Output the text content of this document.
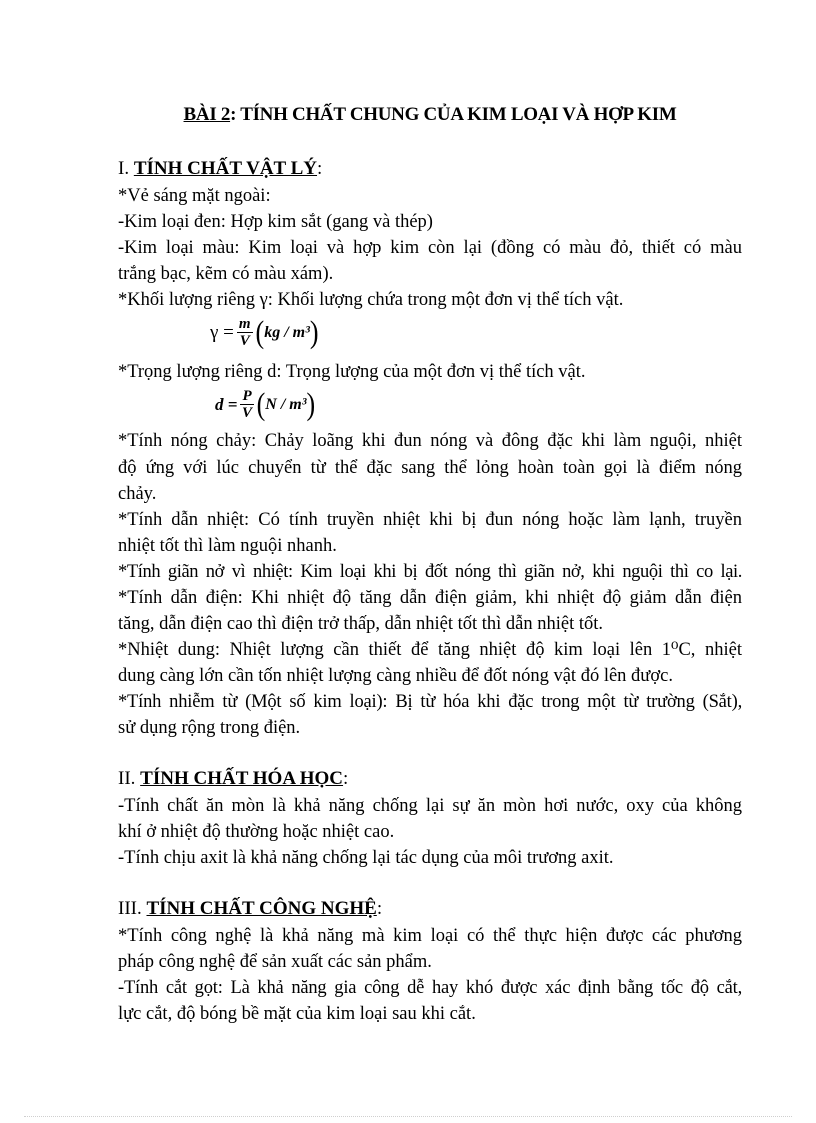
BÀI 2: TÍNH CHẤT CHUNG CỦA KIM LOẠI VÀ HỢP KIM
I. TÍNH CHẤT VẬT LÝ:
*Vẻ sáng mặt ngoài:
-Kim loại đen: Hợp kim sắt (gang và thép)
-Kim loại màu: Kim loại và hợp kim còn lại (đồng có màu đỏ, thiết có màu
trắng bạc, kẽm có màu xám).
*Khối lượng riêng γ: Khối lượng chứa trong một đơn vị thể tích vật.
$\gamma = \frac{m}{V}$ ( kg / m³ )
*Trọng lượng riêng d: Trọng lượng của một đơn vị thể tích vật.
$d = \frac{P}{V}$ ( N / m³ )
*Tính nóng chảy: Chảy loãng khi đun nóng và đông đặc khi làm nguội, nhiệt
độ ứng với lúc chuyển từ thể đặc sang thể lỏng hoàn toàn gọi là điểm nóng
chảy.
*Tính dẫn nhiệt: Có tính truyền nhiệt khi bị đun nóng hoặc làm lạnh, truyền
nhiệt tốt thì làm nguội nhanh.
*Tính giãn nở vì nhiệt: Kim loại khi bị đốt nóng thì giãn nở, khi nguội thì co lại.
*Tính dẫn điện: Khi nhiệt độ tăng dẫn điện giảm, khi nhiệt độ giảm dẫn điện
tăng, dẫn điện cao thì điện trở thấp, dẫn nhiệt tốt thì dẫn nhiệt tốt.
*Nhiệt dung: Nhiệt lượng cần thiết để tăng nhiệt độ kim loại lên 1⁰C, nhiệt
dung càng lớn cần tốn nhiệt lượng càng nhiều để đốt nóng vật đó lên được.
*Tính nhiễm từ (Một số kim loại): Bị từ hóa khi đặc trong một từ trường (Sắt),
sử dụng rộng trong điện.
II. TÍNH CHẤT HÓA HỌC:
-Tính chất ăn mòn là khả năng chống lại sự ăn mòn hơi nước, oxy của không
khí ở nhiệt độ thường hoặc nhiệt cao.
-Tính chịu axit là khả năng chống lại tác dụng của môi trương axit.
III. TÍNH CHẤT CÔNG NGHỆ:
*Tính công nghệ là khả năng mà kim loại có thể thực hiện được các phương
pháp công nghệ để sản xuất các sản phẩm.
-Tính cắt gọt: Là khả năng gia công dễ hay khó được xác định bằng tốc độ cắt,
lực cắt, độ bóng bề mặt của kim loại sau khi cắt.
